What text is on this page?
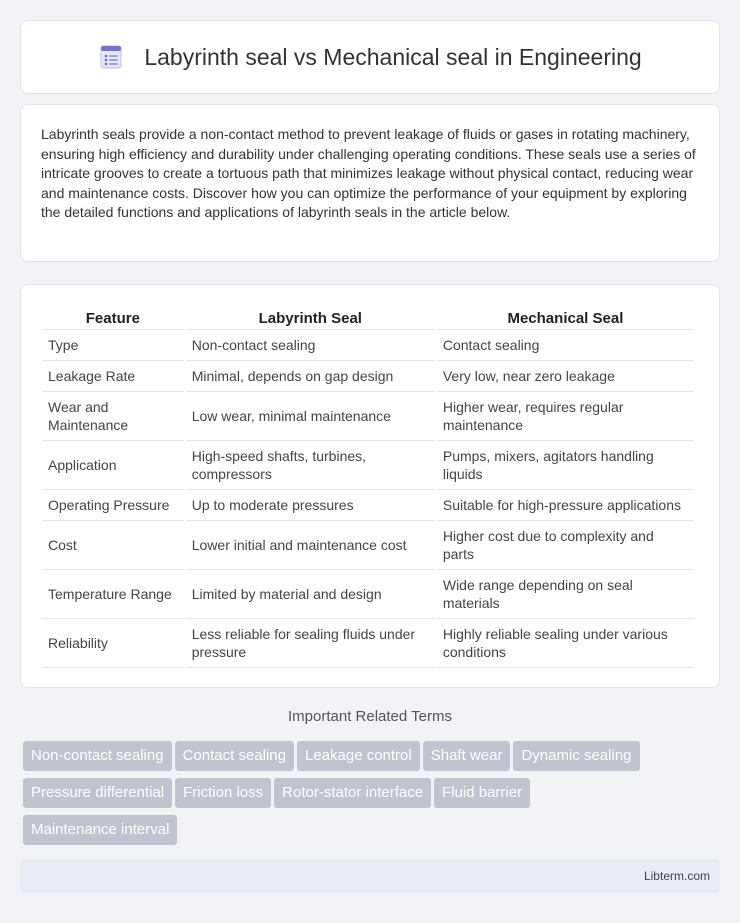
Labyrinth seal vs Mechanical seal in Engineering

Labyrinth seals provide a non-contact method to prevent leakage of fluids or gases in rotating machinery, ensuring high efficiency and durability under challenging operating conditions. These seals use a series of intricate grooves to create a tortuous path that minimizes leakage without physical contact, reducing wear and maintenance costs. Discover how you can optimize the performance of your equipment by exploring the detailed functions and applications of labyrinth seals in the article below.

Feature	Labyrinth Seal	Mechanical Seal
Type	Non-contact sealing	Contact sealing
Leakage Rate	Minimal, depends on gap design	Very low, near zero leakage
Wear and Maintenance	Low wear, minimal maintenance	Higher wear, requires regular maintenance
Application	High-speed shafts, turbines, compressors	Pumps, mixers, agitators handling liquids
Operating Pressure	Up to moderate pressures	Suitable for high-pressure applications
Cost	Lower initial and maintenance cost	Higher cost due to complexity and parts
Temperature Range	Limited by material and design	Wide range depending on seal materials
Reliability	Less reliable for sealing fluids under pressure	Highly reliable sealing under various conditions
Important Related Terms
Non-contact sealing Contact sealing Leakage control Shaft wear Dynamic sealing
Pressure differential Friction loss Rotor-stator interface Fluid barrier
Maintenance interval
Libterm.com
